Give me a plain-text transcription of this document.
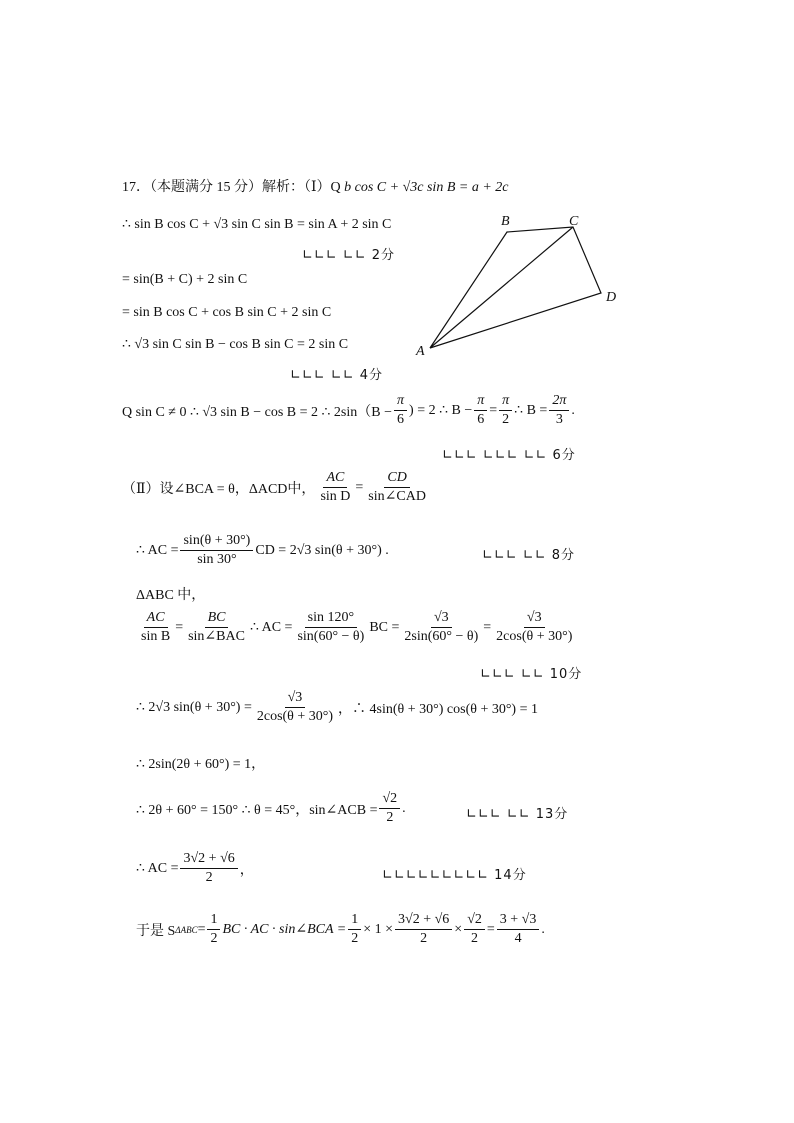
17．（本题满分 15 分）解析：（Ⅰ）Q b cos C + √3c sin B = a + 2c
∴ sin B cos C + √3 sin C sin B = sin A + 2 sin C
∟∟∟ ∟∟ 2分
= sin(B + C) + 2 sin C
= sin B cos C + cos B sin C + 2 sin C
∴ √3 sin C sin B − cos B sin C = 2 sin C
∟∟∟ ∟∟ 4分
Q sin C ≠ 0 ∴ √3 sin B − cos B = 2 ∴ $2\sin(B - \frac{\pi}{6}$ ) = 2 ∴ $B - \frac{\pi}{6} = \frac{\pi}{2}$ ∴ $B = \frac{2\pi}{3}$ .
∟∟∟ ∟∟∟ ∟∟ 6分
B	C
D
A
（Ⅱ）设∠BCA = θ，ΔACD中， $\frac{AC}{\text{sin D}} = \frac{CD}{\text{sin∠CAD}}$
∴ AC = $\frac{\sin(\theta + 30^\circ)}{\sin 30^\circ}$ CD = 2√3 sin(θ + 30°) .	∟∟∟ ∟∟ 8分
ΔABC 中，
$\frac{AC}{\text{sin B}} = \frac{BC}{\text{sin∠BAC}}$ ∴ AC = $\frac{\sin 120^\circ}{\sin(60^\circ - \theta)}$ BC = $\frac{√3}{2\sin(60^\circ - \theta)} = \frac{√3}{2\cos(\theta + 30^\circ)}$
∟∟∟ ∟∟ 10分
∴ 2√3 $\sin(\theta + 30^\circ) = \frac{√3}{2\cos(\theta + 30^\circ)}$ ，∴ 4sin(θ + 30°) cos(θ + 30°) = 1
∴ 2sin(2θ + 60°) = 1，
∴ 2θ + 60° = 150° ∴ θ = 45°，sin∠ACB = $\frac{√2}{2}$ .	∟∟∟ ∟∟ 13分
∴ AC = $\frac{3√2 + √6}{2}$ ，	∟∟∟∟∟∟∟∟∟ 14分
于是 S $\Delta ABC = \frac{1}{2}$ BC · AC · sin∠BCA = $\frac{1}{2} \times 1 \times \frac{3√2 + √6}{2} \times \frac{√2}{2} = \frac{3 + √3}{4}$ .
